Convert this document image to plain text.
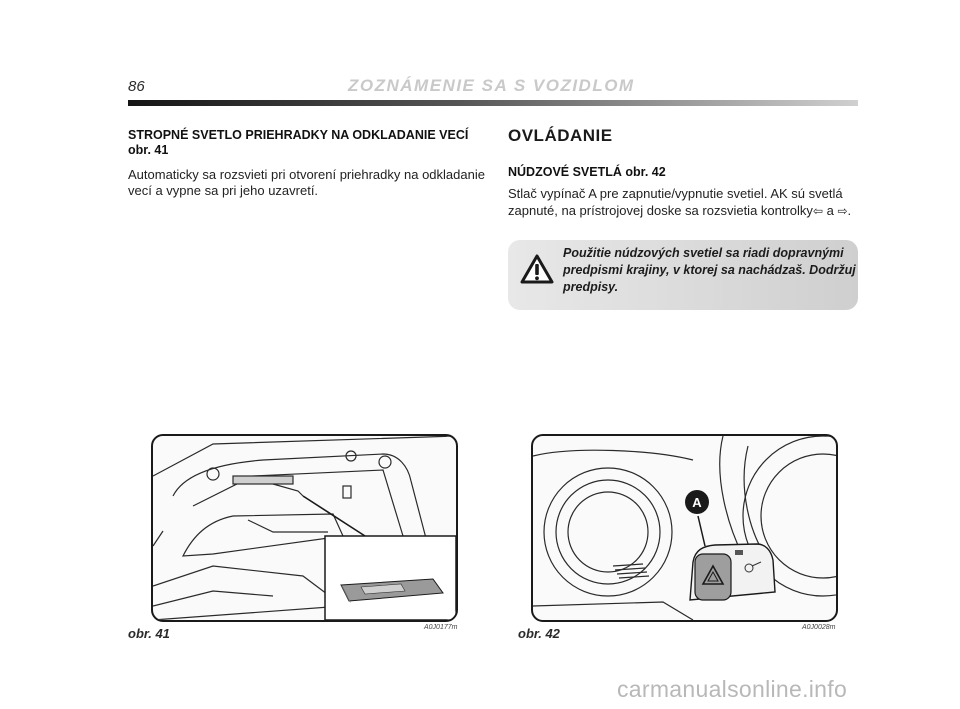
86	ZOZNÁMENIE SA S VOZIDLOM
STROPNÉ SVETLO PRIEHRADKY NA ODKLADANIE VECÍ
obr. 41
Automaticky sa rozsvieti pri otvorení priehradky na odkladanie
vecí a vypne sa pri jeho uzavretí.
OVLÁDANIE
NÚDZOVÉ SVETLÁ obr. 42
Stlač vypínač A pre zapnutie/vypnutie svetiel. AK sú svetlá
zapnuté, na prístrojovej doske sa rozsvietia kontrolky⇦ a ⇨.
Použitie núdzových svetiel sa riadi dopravnými
predpismi krajiny, v ktorej sa nachádzaš. Dodržuj
predpisy.
obr. 41	A0J0177m
A
obr. 42	A0J0028m
carmanualsonline.info
